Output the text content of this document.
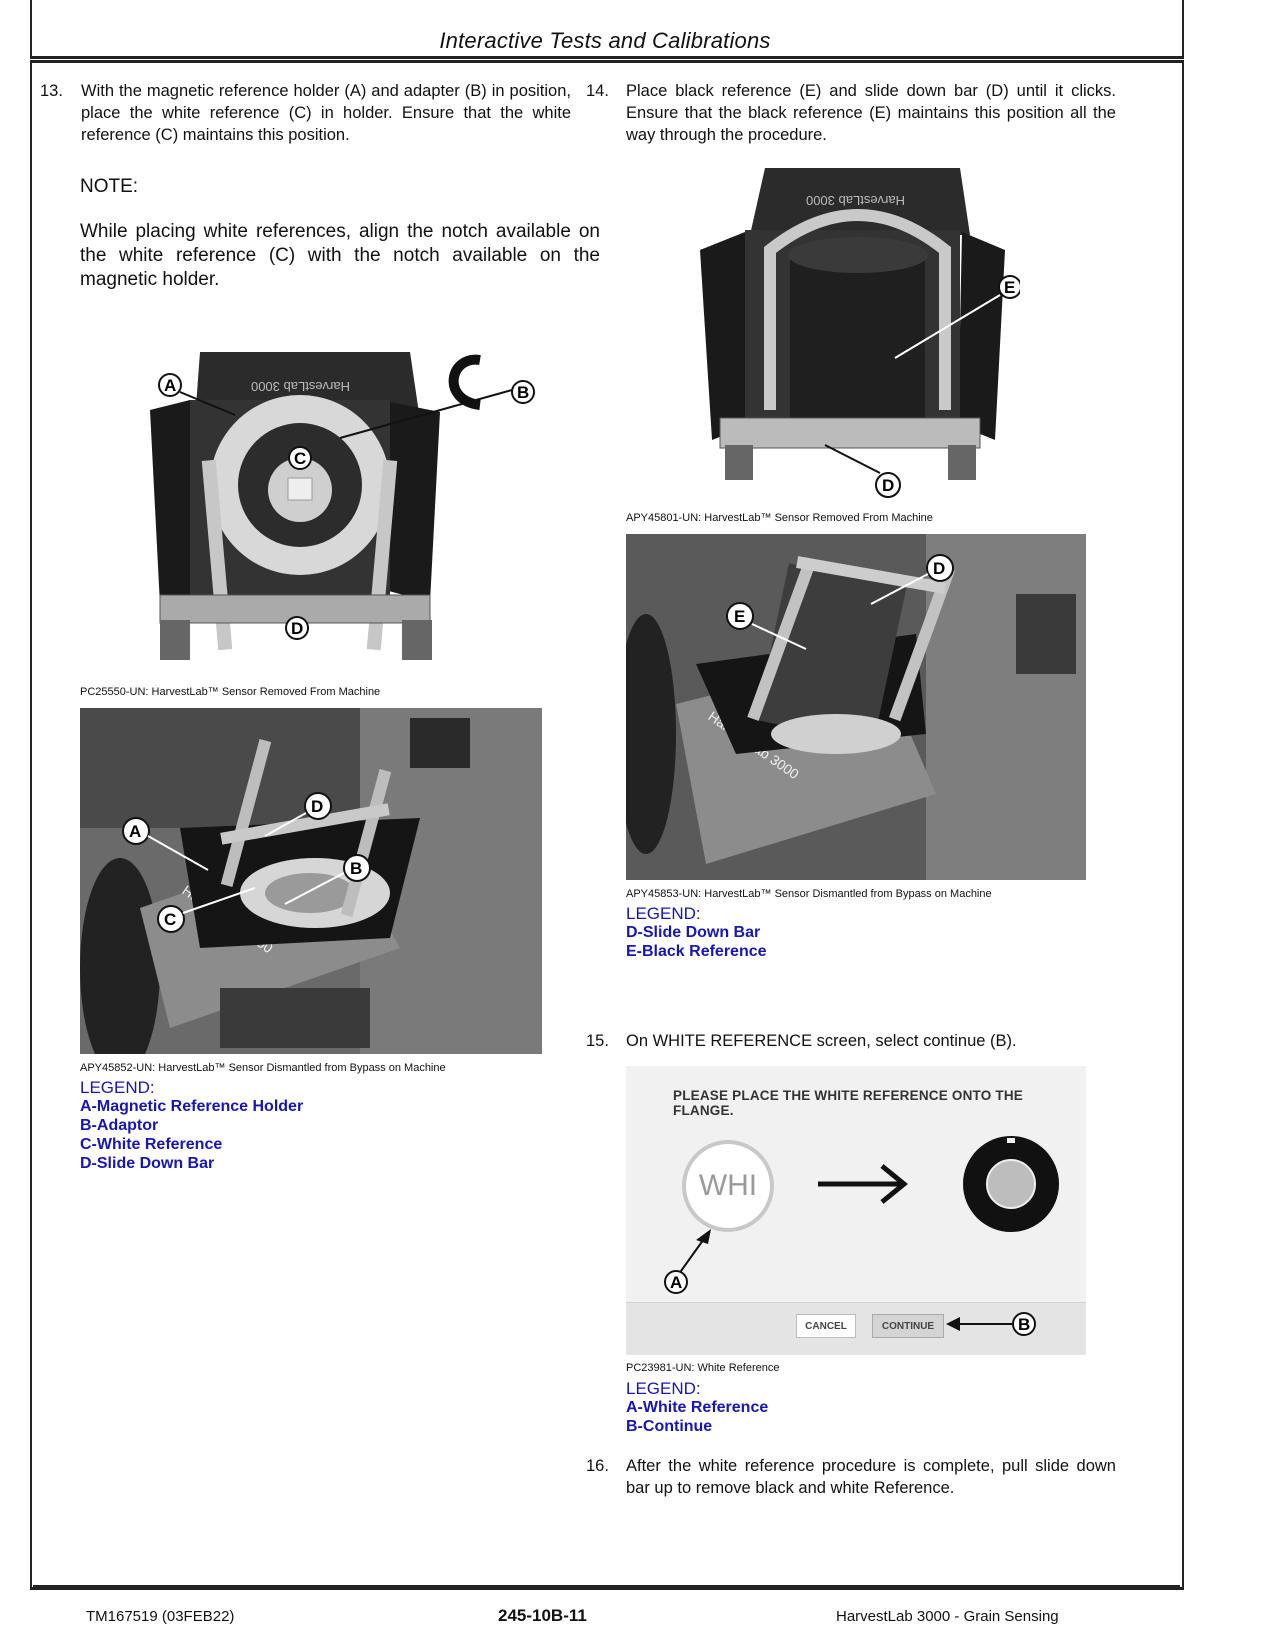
Interactive Tests and Calibrations
13. With the magnetic reference holder (A) and adapter (B) in position, place the white reference (C) in holder. Ensure that the white reference (C) maintains this position.
NOTE:
While placing white references, align the notch available on the white reference (C) with the notch available on the magnetic holder.
HarvestLab 3000
A	B
C
D
PC25550-UN: HarvestLab™ Sensor Removed From Machine
A
B
C
D
APY45852-UN: HarvestLab™ Sensor Dismantled from Bypass on Machine
LEGEND:
A-Magnetic Reference Holder
B-Adaptor
C-White Reference
D-Slide Down Bar
14. Place black reference (E) and slide down bar (D) until it clicks. Ensure that the black reference (E) maintains this position all the way through the procedure.
HarvestLab 3000
E
D
APY45801-UN: HarvestLab™ Sensor Removed From Machine
D
E
APY45853-UN: HarvestLab™ Sensor Dismantled from Bypass on Machine
LEGEND:
D-Slide Down Bar
E-Black Reference
15. On WHITE REFERENCE screen, select continue (B).
PLEASE PLACE THE WHITE REFERENCE ONTO THE FLANGE.
WHI
A
CANCEL	CONTINUE	B
PC23981-UN: White Reference
LEGEND:
A-White Reference
B-Continue
16. After the white reference procedure is complete, pull slide down bar up to remove black and white Reference.
TM167519 (03FEB22)	245-10B-11	HarvestLab 3000 - Grain Sensing
